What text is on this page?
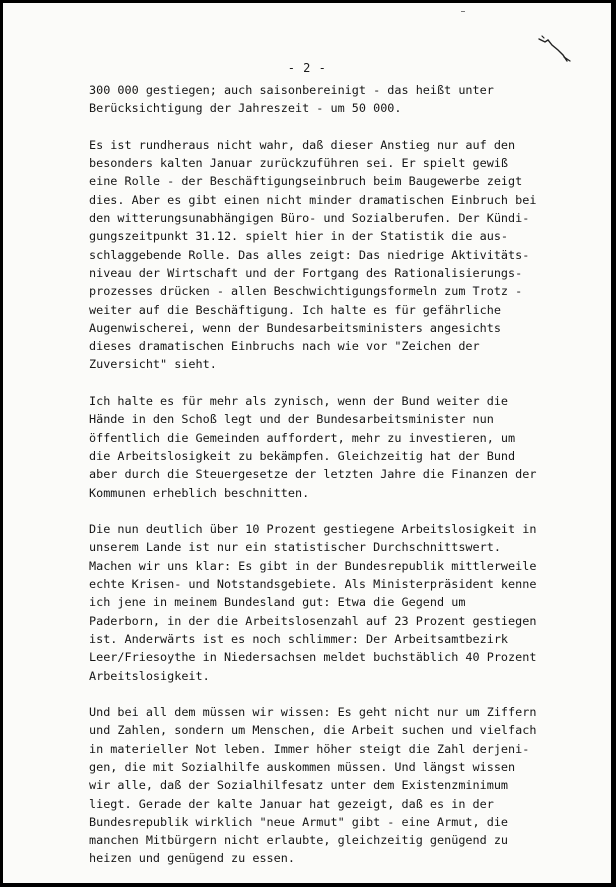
- 2 -

300 000 gestiegen; auch saisonbereinigt - das heißt unter
Berücksichtigung der Jahreszeit - um 50 000.

Es ist rundheraus nicht wahr, daß dieser Anstieg nur auf den
besonders kalten Januar zurückzuführen sei. Er spielt gewiß
eine Rolle - der Beschäftigungseinbruch beim Baugewerbe zeigt
dies. Aber es gibt einen nicht minder dramatischen Einbruch bei
den witterungsunabhängigen Büro- und Sozialberufen. Der Kündi-
gungszeitpunkt 31.12. spielt hier in der Statistik die aus-
schlaggebende Rolle. Das alles zeigt: Das niedrige Aktivitäts-
niveau der Wirtschaft und der Fortgang des Rationalisierungs-
prozesses drücken - allen Beschwichtigungsformeln zum Trotz -
weiter auf die Beschäftigung. Ich halte es für gefährliche
Augenwischerei, wenn der Bundesarbeitsministers angesichts
dieses dramatischen Einbruchs nach wie vor "Zeichen der
Zuversicht" sieht.

Ich halte es für mehr als zynisch, wenn der Bund weiter die
Hände in den Schoß legt und der Bundesarbeitsminister nun
öffentlich die Gemeinden auffordert, mehr zu investieren, um
die Arbeitslosigkeit zu bekämpfen. Gleichzeitig hat der Bund
aber durch die Steuergesetze der letzten Jahre die Finanzen der
Kommunen erheblich beschnitten.

Die nun deutlich über 10 Prozent gestiegene Arbeitslosigkeit in
unserem Lande ist nur ein statistischer Durchschnittswert.
Machen wir uns klar: Es gibt in der Bundesrepublik mittlerweile
echte Krisen- und Notstandsgebiete. Als Ministerpräsident kenne
ich jene in meinem Bundesland gut: Etwa die Gegend um
Paderborn, in der die Arbeitslosenzahl auf 23 Prozent gestiegen
ist. Anderwärts ist es noch schlimmer: Der Arbeitsamtbezirk
Leer/Friesoythe in Niedersachsen meldet buchstäblich 40 Prozent
Arbeitslosigkeit.

Und bei all dem müssen wir wissen: Es geht nicht nur um Ziffern
und Zahlen, sondern um Menschen, die Arbeit suchen und vielfach
in materieller Not leben. Immer höher steigt die Zahl derjeni-
gen, die mit Sozialhilfe auskommen müssen. Und längst wissen
wir alle, daß der Sozialhilfesatz unter dem Existenzminimum
liegt. Gerade der kalte Januar hat gezeigt, daß es in der
Bundesrepublik wirklich "neue Armut" gibt - eine Armut, die
manchen Mitbürgern nicht erlaubte, gleichzeitig genügend zu
heizen und genügend zu essen.
